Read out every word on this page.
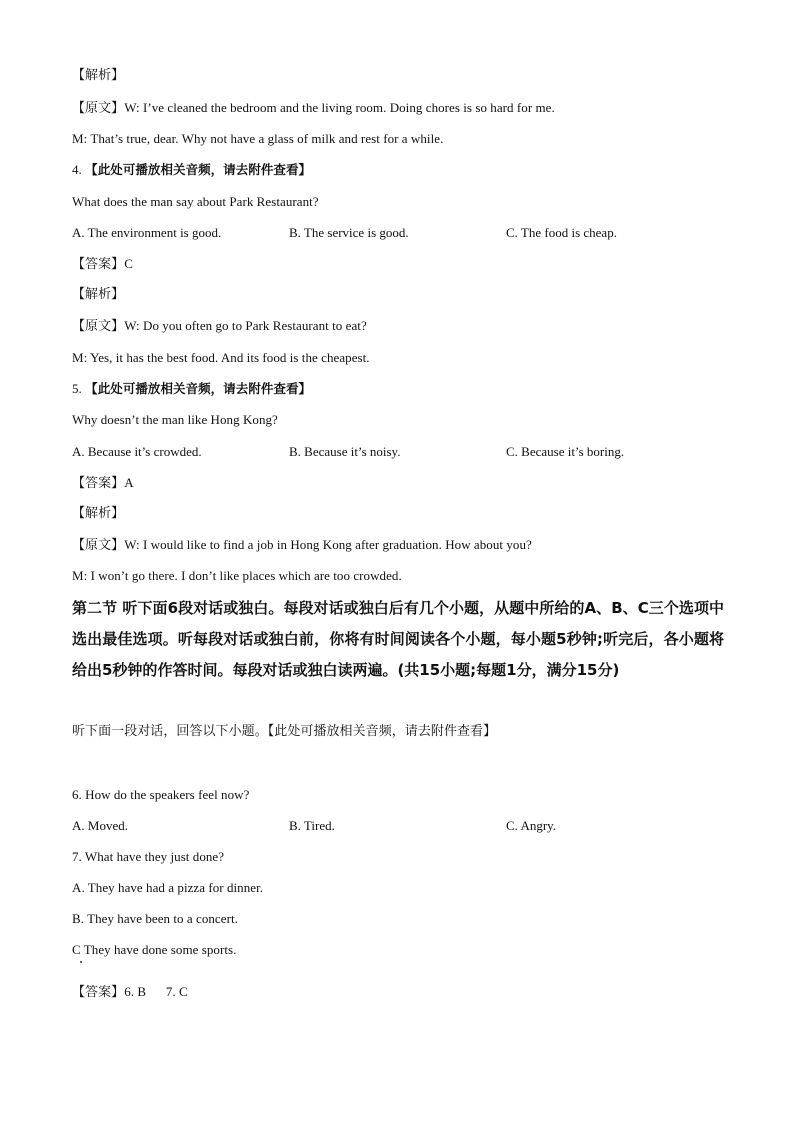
【解析】
【原文】W: I’ve cleaned the bedroom and the living room. Doing chores is so hard for me.
M: That’s true, dear. Why not have a glass of milk and rest for a while.
4. 【此处可播放相关音频，请去附件查看】
What does the man say about Park Restaurant?
A. The environment is good.	B. The service is good.	C. The food is cheap.
【答案】C
【解析】
【原文】W: Do you often go to Park Restaurant to eat?
M: Yes, it has the best food. And its food is the cheapest.
5. 【此处可播放相关音频，请去附件查看】
Why doesn’t the man like Hong Kong?
A. Because it’s crowded.	B. Because it’s noisy.	C. Because it’s boring.
【答案】A
【解析】
【原文】W: I would like to find a job in Hong Kong after graduation. How about you?
M: I won’t go there. I don’t like places which are too crowded.
第二节 听下面6段对话或独白。每段对话或独白后有几个小题，从题中所给的A、B、C三个选项中选出最佳选项。听每段对话或独白前，你将有时间阅读各个小题，每小题5秒钟;听完后，各小题将给出5秒钟的作答时间。每段对话或独白读两遍。(共15小题;每题1分，满分15分)
听下面一段对话，回答以下小题。【此处可播放相关音频，请去附件查看】
6. How do the speakers feel now?
A. Moved.	B. Tired.	C. Angry.
7. What have they just done?
A. They have had a pizza for dinner.
B. They have been to a concert.
C They have done some sports.
【答案】6. B      7. C
